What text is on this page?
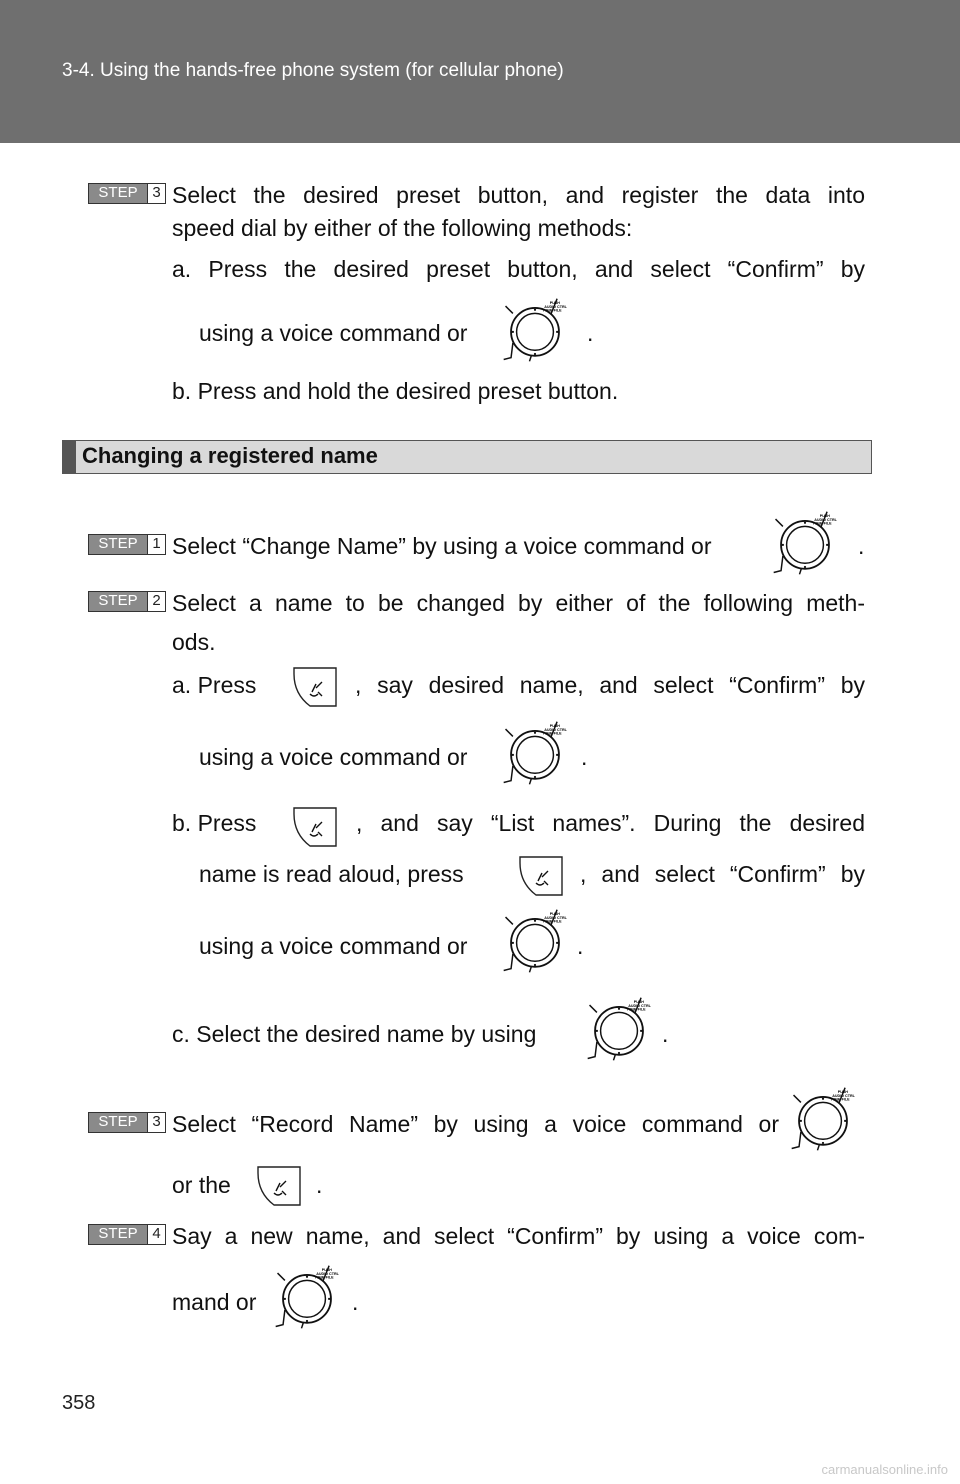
3-4. Using the hands-free phone system (for cellular phone)
STEP 3 Select the desired preset button, and register the data into
speed dial by either of the following methods:
a. Press the desired preset button, and select “Confirm” by
using a voice command or	.
b. Press and hold the desired preset button.
Changing a registered name
STEP 1 Select “Change Name” by using a voice command or	.
STEP 2 Select a name to be changed by either of the following meth-
ods.
a. Press	, say desired name, and select “Confirm” by
using a voice command or	.
b. Press	, and say “List names”. During the desired
name is read aloud, press	, and select “Confirm” by
using a voice command or	.
c. Select the desired name by using	.
STEP 3 Select “Record Name” by using a voice command or
or the	.
STEP 4 Say a new name, and select “Confirm” by using a voice com-
mand or	.
358
carmanualsonline.info
